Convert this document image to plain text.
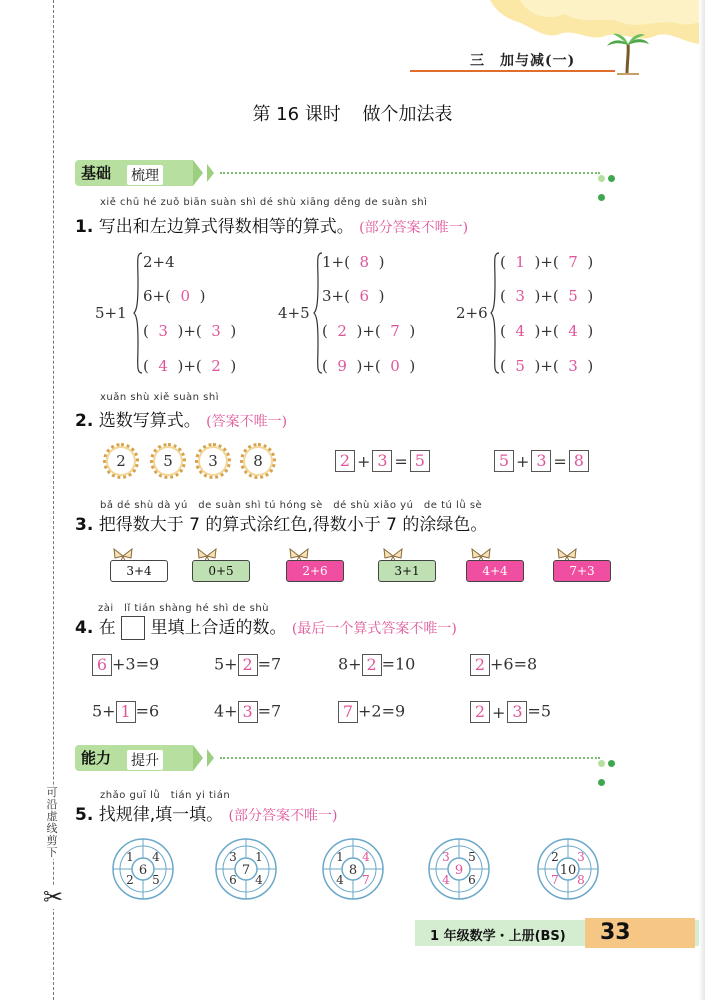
三　加与减(一)
第 16 课时 做个加法表
基础 梳理
xiě chū hé zuǒ biān suàn shì dé shù xiāng děng de suàn shì
1. 写出和左边算式得数相等的算式。 (部分答案不唯一)
5+1
2+4
6+(  0  )
(  3  )+(  3  )
(  4  )+(  2  )
4+5
1+(  8  )
3+(  6  )
(  2  )+(  7  )
(  9  )+(  0  )
2+6
(  1  )+(  7  )
(  3  )+(  5  )
(  4  )+(  4  )
(  5  )+(  3  )
xuǎn shù xiě suàn shì
2. 选数写算式。 (答案不唯一)
2	5	3	8	2 + 3 = 5	5 + 3 = 8
bǎ dé shù dà yú　de suàn shì tú hóng sè　dé shù xiǎo yú　de tú lǜ sè
3. 把得数大于 7 的算式涂红色,得数小于 7 的涂绿色。
3+4	0+5	2+6	3+1	4+4	7+3
zài　lǐ tián shàng hé shì de shù
4. 在 里填上合适的数。 (最后一个算式答案不唯一)
6 +3=9	5+ 2 =7	8+ 2 =10	2 +6=8
5+ 1 =6	4+ 3 =7	7 +2=9	2 + 3 =5
能力 提升
zhǎo guī lǜ　tián yi tián
5. 找规律,填一填。 (部分答案不唯一)
1 4
2 5
6
3 1
6 4
7
1 4
4 7
8
3 5
4 6
9
2 3
7 8
10
可沿虚线剪下
✂
1 年级数学・上册(BS) 33
